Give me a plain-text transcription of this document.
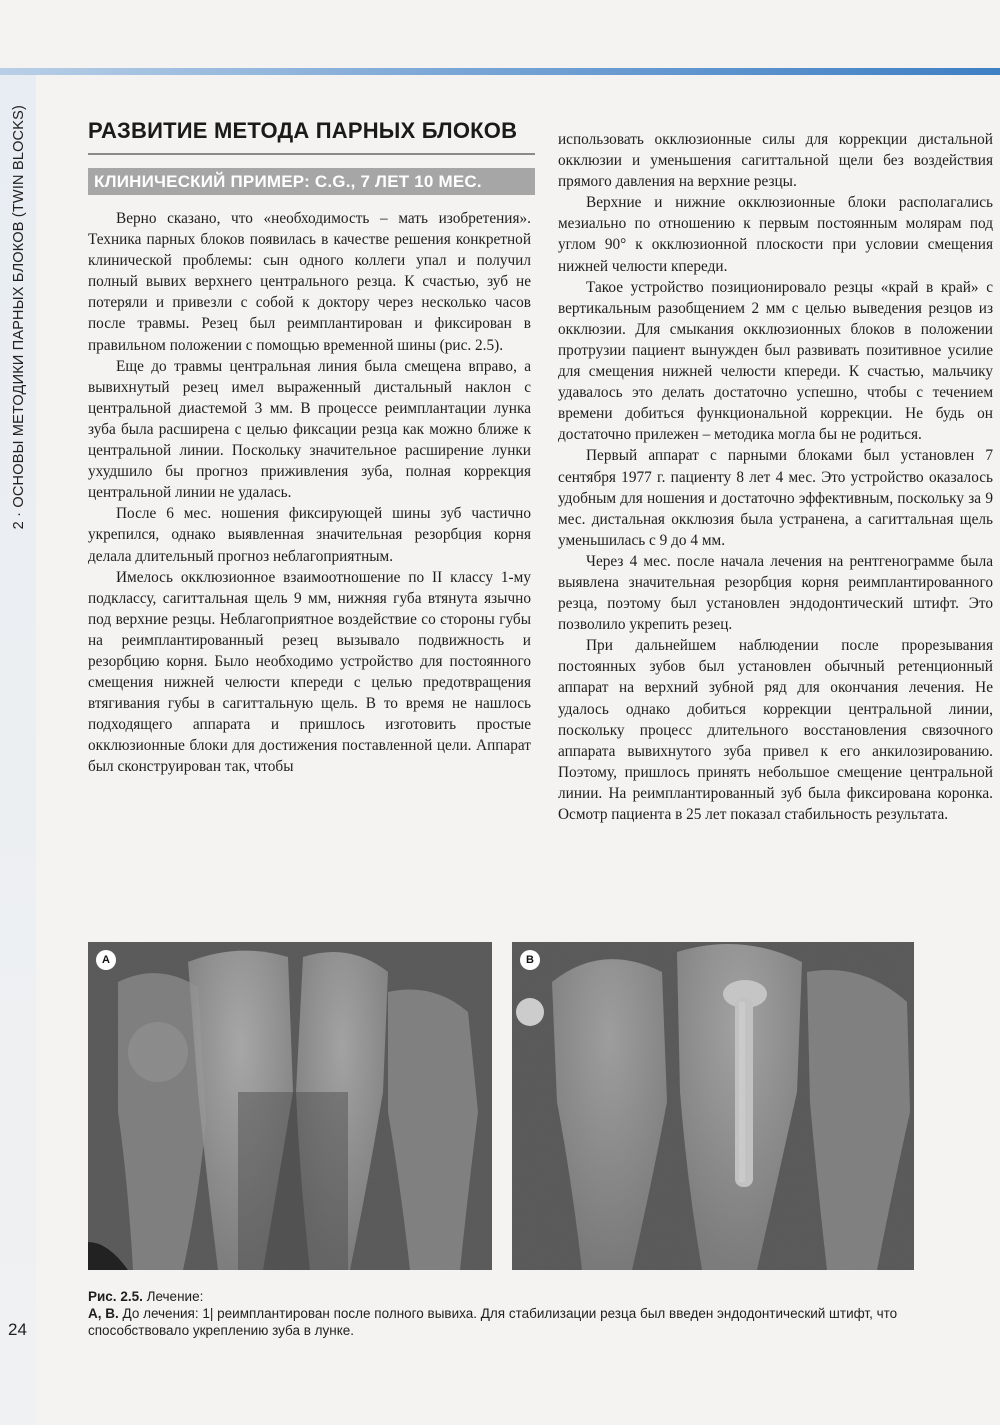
2 · ОСНОВЫ МЕТОДИКИ ПАРНЫХ БЛОКОВ (TWIN BLOCKS)
24
РАЗВИТИЕ МЕТОДА ПАРНЫХ БЛОКОВ
КЛИНИЧЕСКИЙ ПРИМЕР: C.G., 7 ЛЕТ 10 МЕС.

Верно сказано, что «необходимость – мать изобретения». Техника парных блоков появилась в качестве решения конкретной клинической проблемы: сын одного коллеги упал и получил полный вывих верхнего центрального резца. К счастью, зуб не потеряли и привезли с собой к доктору через несколько часов после травмы. Резец был реимплантирован и фиксирован в правильном положении с помощью временной шины (рис. 2.5).

Еще до травмы центральная линия была смещена вправо, а вывихнутый резец имел выраженный дистальный наклон с центральной диастемой 3 мм. В процессе реимплантации лунка зуба была расширена с целью фиксации резца как можно ближе к центральной линии. Поскольку значительное расширение лунки ухудшило бы прогноз приживления зуба, полная коррекция центральной линии не удалась.

После 6 мес. ношения фиксирующей шины зуб частично укрепился, однако выявленная значительная резорбция корня делала длительный прогноз неблагоприятным.

Имелось окклюзионное взаимоотношение по II классу 1-му подклассу, сагиттальная щель 9 мм, нижняя губа втянута язычно под верхние резцы. Неблагоприятное воздействие со стороны губы на реимплантированный резец вызывало подвижность и резорбцию корня. Было необходимо устройство для постоянного смещения нижней челюсти кпереди с целью предотвращения втягивания губы в сагиттальную щель. В то время не нашлось подходящего аппарата и пришлось изготовить простые окклюзионные блоки для достижения поставленной цели. Аппарат был сконструирован так, чтобы

использовать окклюзионные силы для коррекции дистальной окклюзии и уменьшения сагиттальной щели без воздействия прямого давления на верхние резцы.

Верхние и нижние окклюзионные блоки располагались мезиально по отношению к первым постоянным молярам под углом 90° к окклюзионной плоскости при условии смещения нижней челюсти кпереди.

Такое устройство позиционировало резцы «край в край» с вертикальным разобщением 2 мм с целью выведения резцов из окклюзии. Для смыкания окклюзионных блоков в положении протрузии пациент вынужден был развивать позитивное усилие для смещения нижней челюсти кпереди. К счастью, мальчику удавалось это делать достаточно успешно, чтобы с течением времени добиться функциональной коррекции. Не будь он достаточно прилежен – методика могла бы не родиться.

Первый аппарат с парными блоками был установлен 7 сентября 1977 г. пациенту 8 лет 4 мес. Это устройство оказалось удобным для ношения и достаточно эффективным, поскольку за 9 мес. дистальная окклюзия была устранена, а сагиттальная щель уменьшилась с 9 до 4 мм.

Через 4 мес. после начала лечения на рентгенограмме была выявлена значительная резорбция корня реимплантированного резца, поэтому был установлен эндодонтический штифт. Это позволило укрепить резец.

При дальнейшем наблюдении после прорезывания постоянных зубов был установлен обычный ретенционный аппарат на верхний зубной ряд для окончания лечения. Не удалось однако добиться коррекции центральной линии, поскольку процесс длительного восстановления связочного аппарата вывихнутого зуба привел к его анкилозированию. Поэтому, пришлось принять небольшое смещение центральной линии. На реимплантированный зуб была фиксирована коронка. Осмотр пациента в 25 лет показал стабильность результата.

A	B
Рис. 2.5. Лечение:
А, В. До лечения: 1| реимплантирован после полного вывиха. Для стабилизации резца был введен эндодонтический штифт, что способствовало укреплению зуба в лунке.
